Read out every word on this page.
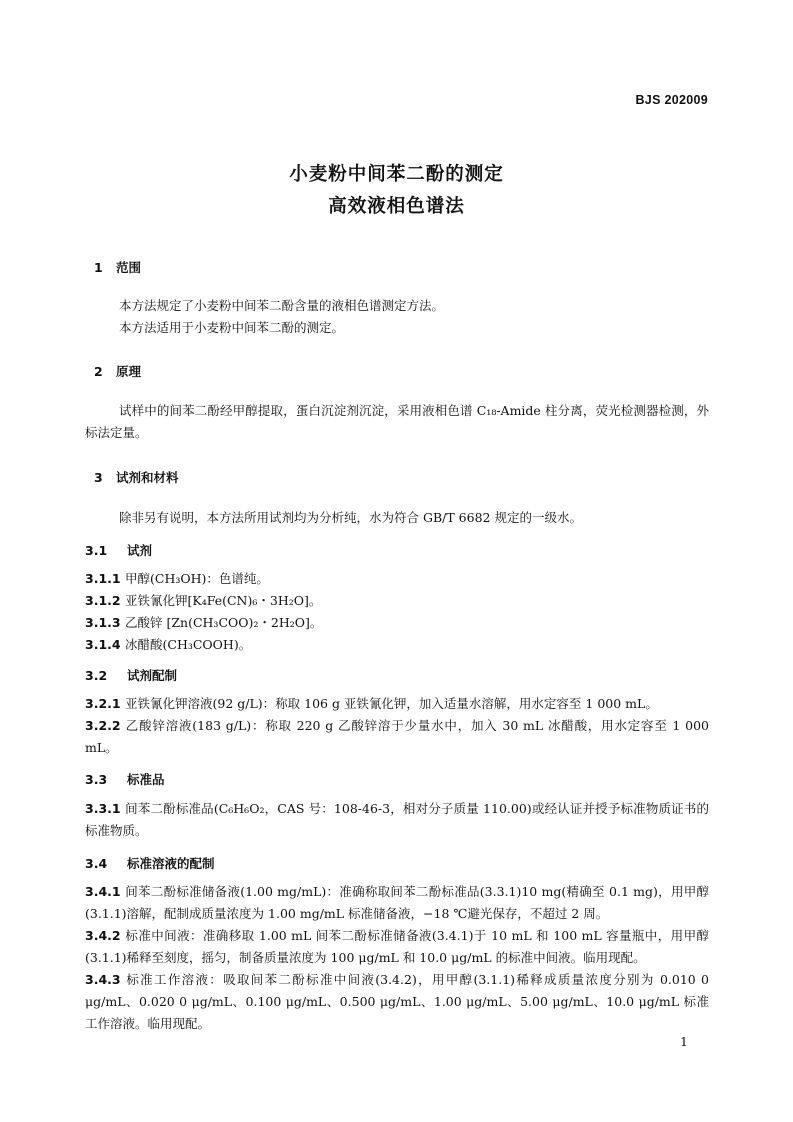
BJS 202009
小麦粉中间苯二酚的测定
高效液相色谱法
1 范围
本方法规定了小麦粉中间苯二酚含量的液相色谱测定方法。
本方法适用于小麦粉中间苯二酚的测定。
2 原理
试样中的间苯二酚经甲醇提取，蛋白沉淀剂沉淀，采用液相色谱 C₁₈-Amide 柱分离，荧光检测器检测，外标法定量。
3 试剂和材料
除非另有说明，本方法所用试剂均为分析纯，水为符合 GB/T 6682 规定的一级水。
3.1 试剂
3.1.1 甲醇(CH₃OH)：色谱纯。
3.1.2 亚铁氰化钾[K₄Fe(CN)₆・3H₂O]。
3.1.3 乙酸锌 [Zn(CH₃COO)₂・2H₂O]。
3.1.4 冰醋酸(CH₃COOH)。
3.2 试剂配制
3.2.1 亚铁氰化钾溶液(92 g/L)：称取 106 g 亚铁氰化钾，加入适量水溶解，用水定容至 1 000 mL。
3.2.2 乙酸锌溶液(183 g/L)：称取 220 g 乙酸锌溶于少量水中，加入 30 mL 冰醋酸，用水定容至 1 000 mL。
3.3 标准品
3.3.1 间苯二酚标准品(C₆H₆O₂，CAS 号：108-46-3，相对分子质量 110.00)或经认证并授予标准物质证书的标准物质。
3.4 标准溶液的配制
3.4.1 间苯二酚标准储备液(1.00 mg/mL)：准确称取间苯二酚标准品(3.3.1)10 mg(精确至 0.1 mg)，用甲醇(3.1.1)溶解，配制成质量浓度为 1.00 mg/mL 标准储备液，−18 ℃避光保存，不超过 2 周。
3.4.2 标准中间液：准确移取 1.00 mL 间苯二酚标准储备液(3.4.1)于 10 mL 和 100 mL 容量瓶中，用甲醇(3.1.1)稀释至刻度，摇匀，制备质量浓度为 100 μg/mL 和 10.0 μg/mL 的标准中间液。临用现配。
3.4.3 标准工作溶液：吸取间苯二酚标准中间液(3.4.2)，用甲醇(3.1.1)稀释成质量浓度分别为 0.010 0 μg/mL、0.020 0 μg/mL、0.100 μg/mL、0.500 μg/mL、1.00 μg/mL、5.00 μg/mL、10.0 μg/mL 标准工作溶液。临用现配。
1
